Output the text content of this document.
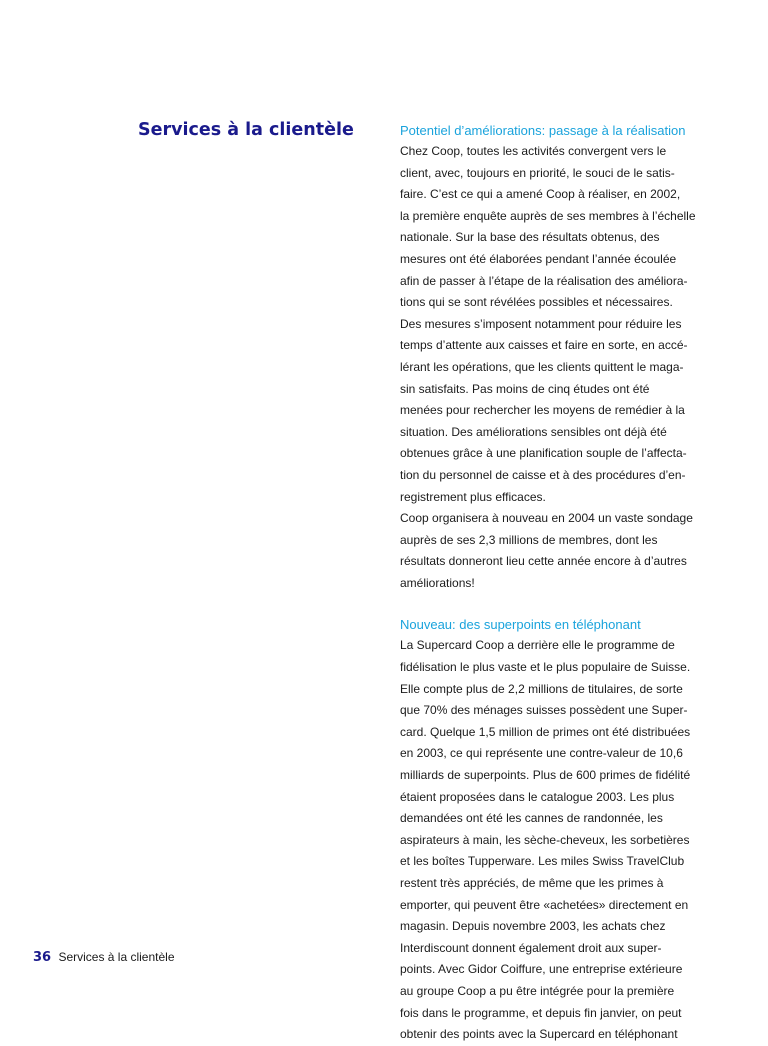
Services à la clientèle	Potentiel d’améliorations: passage à la réalisation
Chez Coop, toutes les activités convergent vers le
client, avec, toujours en priorité, le souci de le satis-
faire. C’est ce qui a amené Coop à réaliser, en 2002,
la première enquête auprès de ses membres à l’échelle
nationale. Sur la base des résultats obtenus, des
mesures ont été élaborées pendant l’année écoulée
afin de passer à l’étape de la réalisation des améliora-
tions qui se sont révélées possibles et nécessaires.
Des mesures s’imposent notamment pour réduire les
temps d’attente aux caisses et faire en sorte, en accé-
lérant les opérations, que les clients quittent le maga-
sin satisfaits. Pas moins de cinq études ont été
menées pour rechercher les moyens de remédier à la
situation. Des améliorations sensibles ont déjà été
obtenues grâce à une planification souple de l’affecta-
tion du personnel de caisse et à des procédures d’en-
registrement plus efficaces.
Coop organisera à nouveau en 2004 un vaste sondage
auprès de ses 2,3 millions de membres, dont les
résultats donneront lieu cette année encore à d’autres
améliorations!
Nouveau: des superpoints en téléphonant
La Supercard Coop a derrière elle le programme de
fidélisation le plus vaste et le plus populaire de Suisse.
Elle compte plus de 2,2 millions de titulaires, de sorte
que 70% des ménages suisses possèdent une Super-
card. Quelque 1,5 million de primes ont été distribuées
en 2003, ce qui représente une contre-valeur de 10,6
milliards de superpoints. Plus de 600 primes de fidélité
étaient proposées dans le catalogue 2003. Les plus
demandées ont été les cannes de randonnée, les
aspirateurs à main, les sèche-cheveux, les sorbetières
et les boîtes Tupperware. Les miles Swiss TravelClub
restent très appréciés, de même que les primes à
emporter, qui peuvent être «achetées» directement en
magasin. Depuis novembre 2003, les achats chez
Interdiscount donnent également droit aux super-
points. Avec Gidor Coiffure, une entreprise extérieure
au groupe Coop a pu être intégrée pour la première
fois dans le programme, et depuis fin janvier, on peut
obtenir des points avec la Supercard en téléphonant
36 Services à la clientèle
